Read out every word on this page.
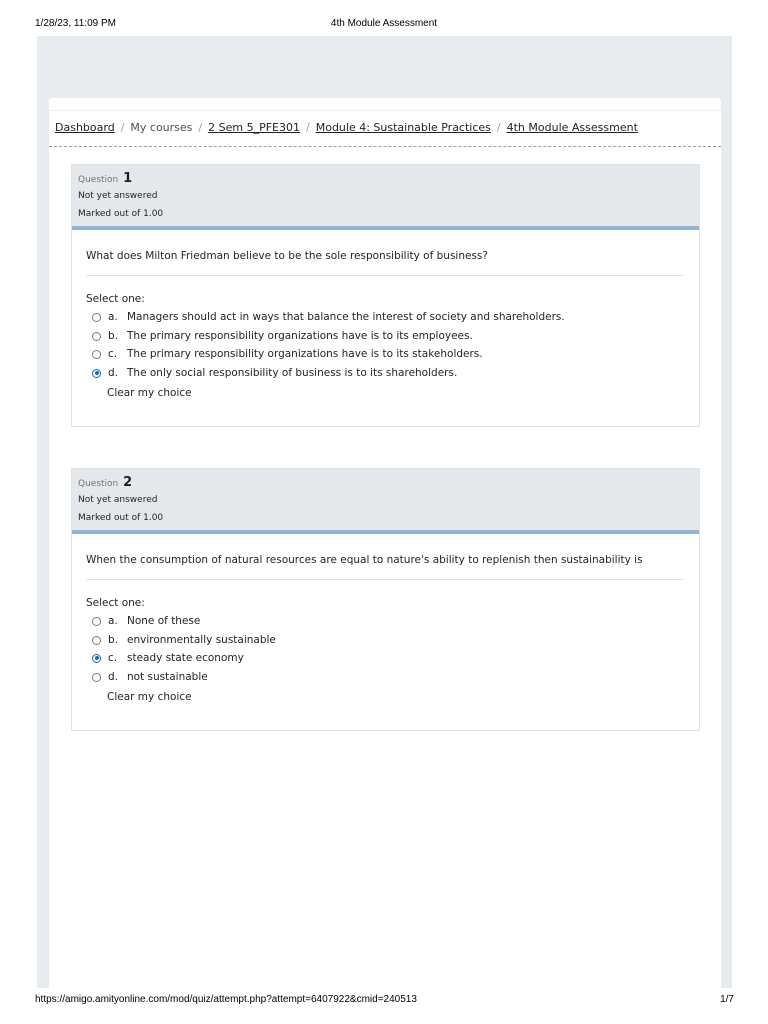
1/28/23, 11:09 PM	4th Module Assessment
Dashboard / My courses / 2 Sem 5_PFE301 / Module 4: Sustainable Practices / 4th Module Assessment
Question 1
Not yet answered
Marked out of 1.00
What does Milton Friedman believe to be the sole responsibility of business?
Select one:
a. Managers should act in ways that balance the interest of society and shareholders.
b. The primary responsibility organizations have is to its employees.
c. The primary responsibility organizations have is to its stakeholders.
d. The only social responsibility of business is to its shareholders.
Clear my choice
Question 2
Not yet answered
Marked out of 1.00
When the consumption of natural resources are equal to nature's ability to replenish then sustainability is
Select one:
a. None of these
b. environmentally sustainable
c. steady state economy
d. not sustainable
Clear my choice
https://amigo.amityonline.com/mod/quiz/attempt.php?attempt=6407922&cmid=240513	1/7
